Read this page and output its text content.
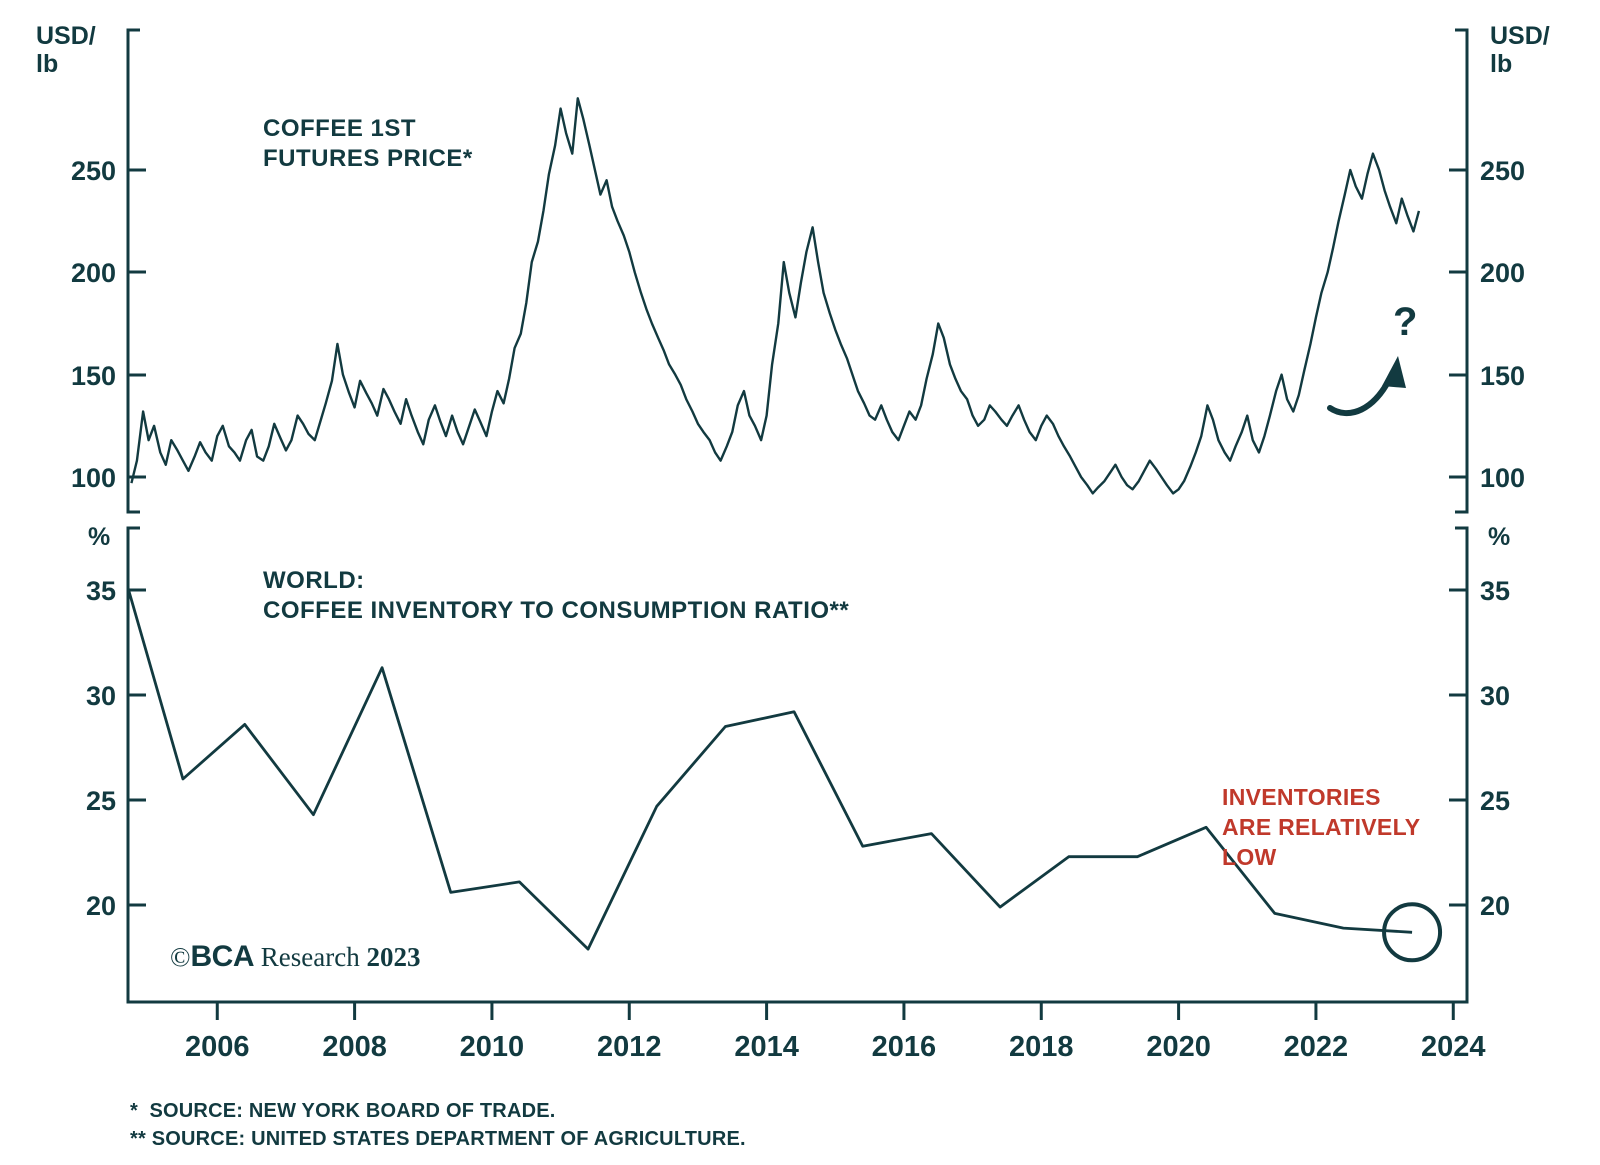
USD/
lb
USD/
lb
100
150
200
250
100
150
200
250
COFFEE 1ST
FUTURES PRICE*
?
%	%
20
25
30
35
20
25
30
35
WORLD:
COFFEE INVENTORY TO CONSUMPTION RATIO**
INVENTORIES
ARE RELATIVELY
LOW
2006	2008	2010	2012	2014	2016	2018	2020	2022	2024
©BCA Research 2023
*  SOURCE: NEW YORK BOARD OF TRADE.
** SOURCE: UNITED STATES DEPARTMENT OF AGRICULTURE.
